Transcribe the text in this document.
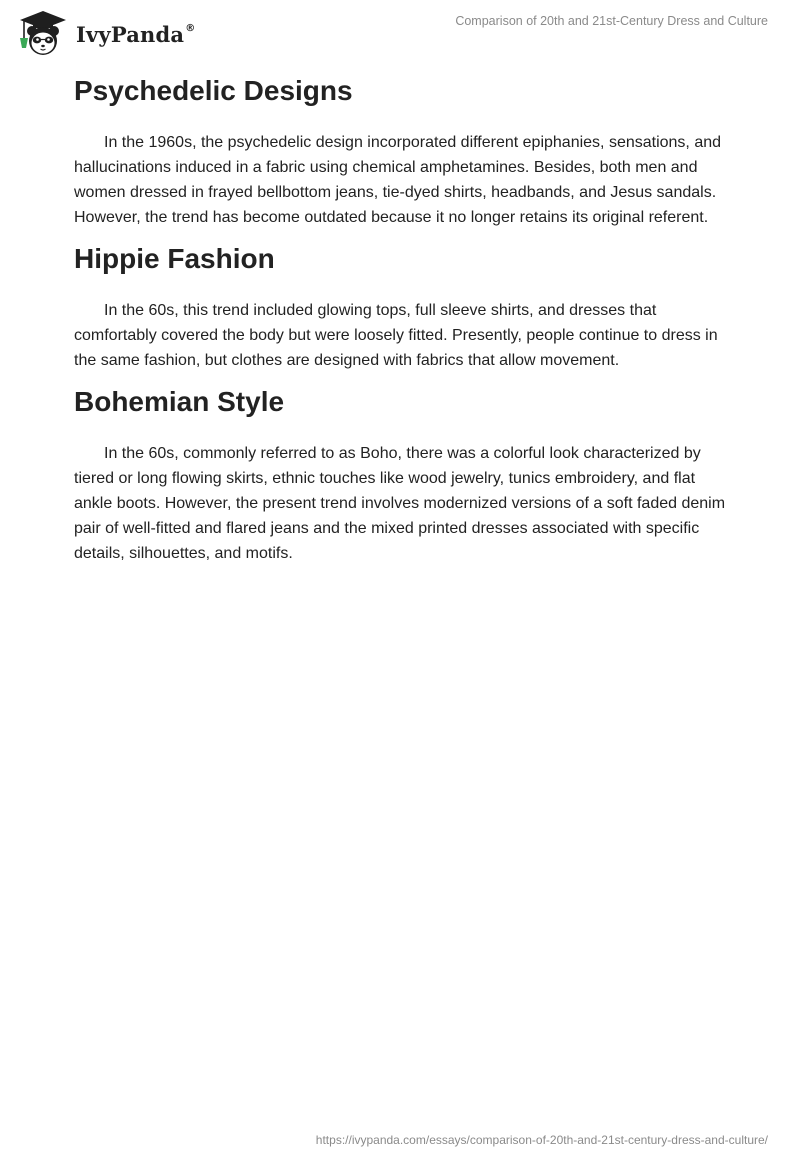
IvyPanda®	Comparison of 20th and 21st-Century Dress and Culture
Psychedelic Designs

In the 1960s, the psychedelic design incorporated different epiphanies, sensations, and hallucinations induced in a fabric using chemical amphetamines. Besides, both men and women dressed in frayed bellbottom jeans, tie-dyed shirts, headbands, and Jesus sandals. However, the trend has become outdated because it no longer retains its original referent.

Hippie Fashion

In the 60s, this trend included glowing tops, full sleeve shirts, and dresses that comfortably covered the body but were loosely fitted. Presently, people continue to dress in the same fashion, but clothes are designed with fabrics that allow movement.

Bohemian Style

In the 60s, commonly referred to as Boho, there was a colorful look characterized by tiered or long flowing skirts, ethnic touches like wood jewelry, tunics embroidery, and flat ankle boots. However, the present trend involves modernized versions of a soft faded denim pair of well-fitted and flared jeans and the mixed printed dresses associated with specific details, silhouettes, and motifs.

https://ivypanda.com/essays/comparison-of-20th-and-21st-century-dress-and-culture/
